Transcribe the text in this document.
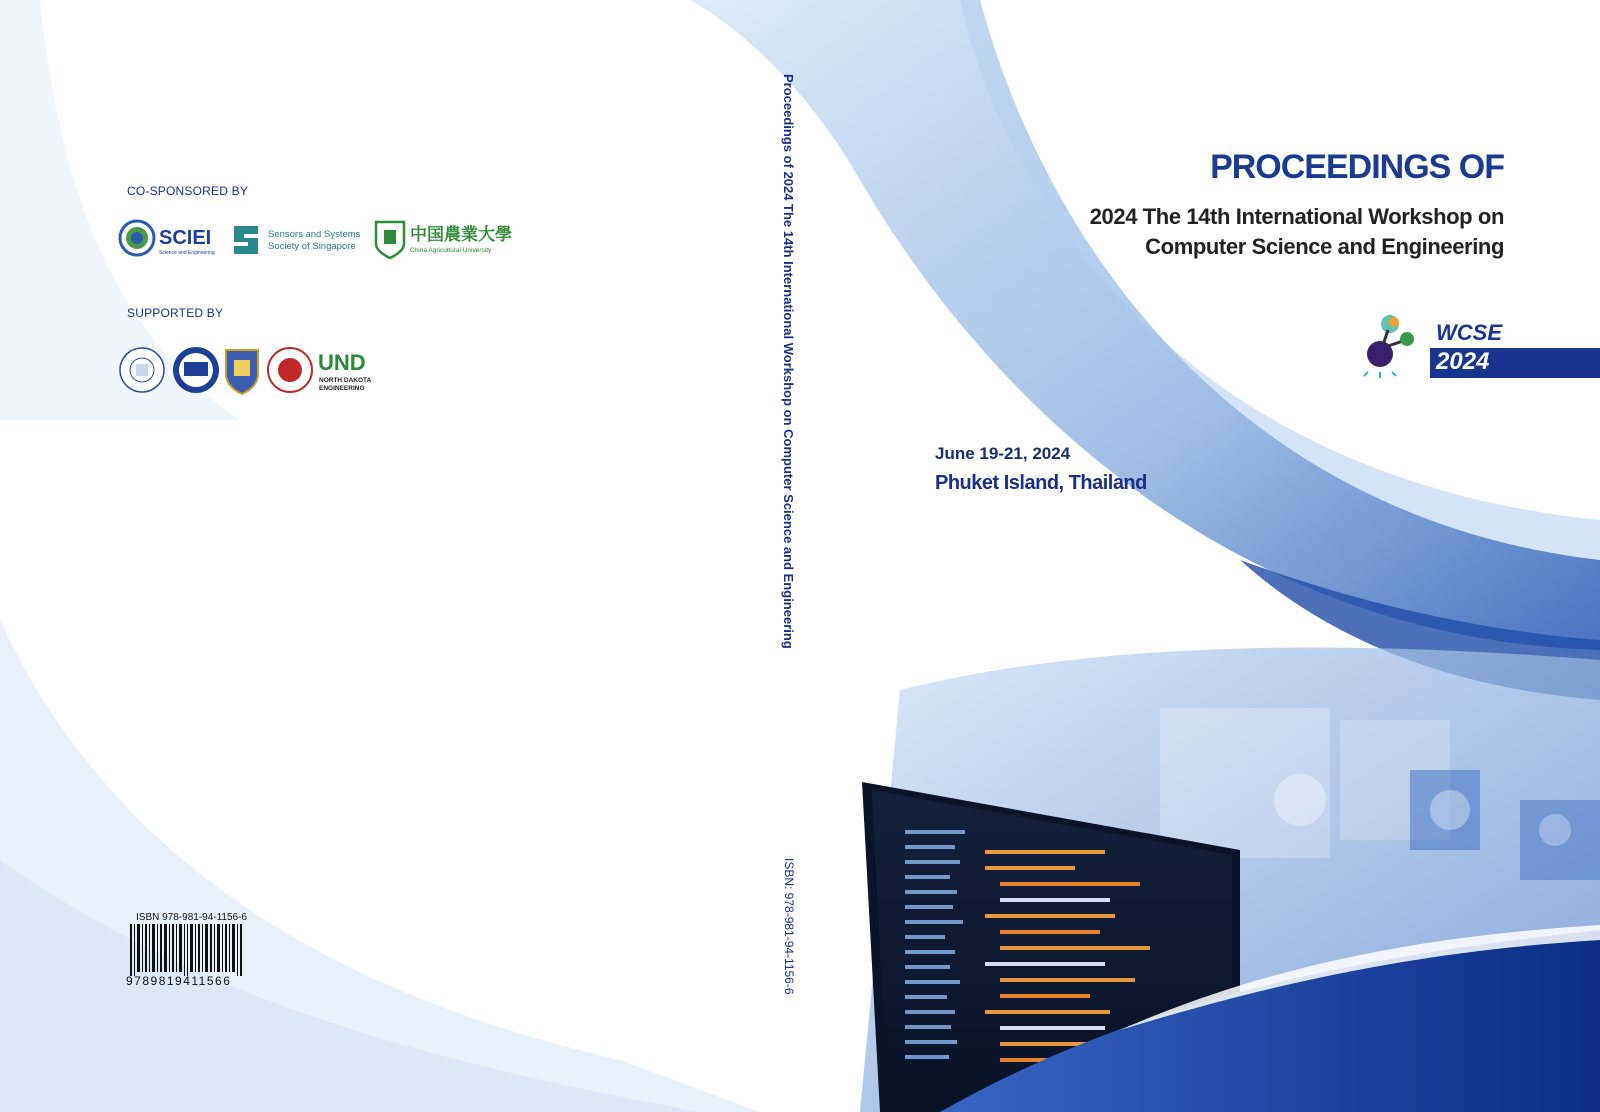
CO-SPONSORED BY
SCIEI
Science and Engineering
Sensors and Systems
Society of Singapore
中国農業大學
China Agricultural University
SUPPORTED BY
UND
NORTH DAKOTA
ENGINEERING
ISBN 978-981-94-1156-6
9789819411566
Proceedings of 2024 The 14th International Workshop on Computer Science and Engineering
ISBN: 978-981-94-1156-6
PROCEEDINGS OF
2024 The 14th International Workshop on
Computer Science and Engineering
WCSE
2024
June 19-21, 2024
Phuket Island, Thailand
